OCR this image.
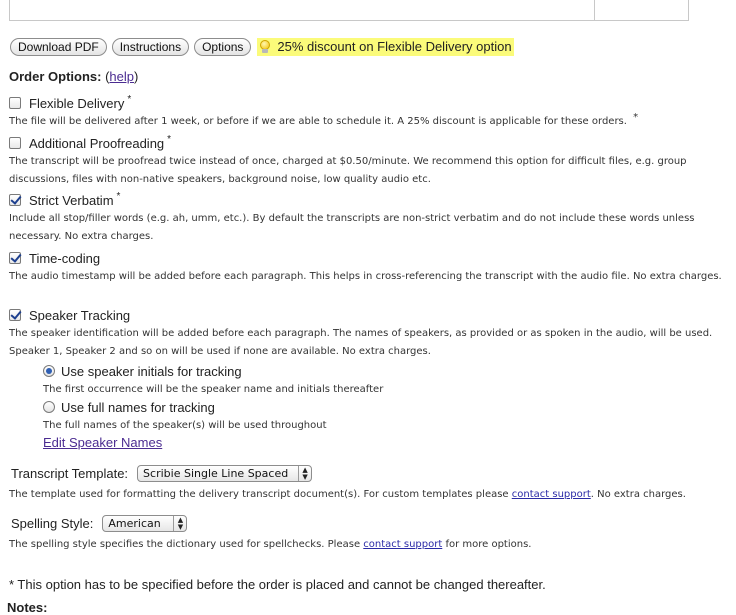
Download PDF	Instructions	Options	25% discount on Flexible Delivery option
Order Options: (help)
Flexible Delivery *
The file will be delivered after 1 week, or before if we are able to schedule it. A 25% discount is applicable for these orders. *
Additional Proofreading *
The transcript will be proofread twice instead of once, charged at $0.50/minute. We recommend this option for difficult files, e.g. group discussions, files with non-native speakers, background noise, low quality audio etc.
Strict Verbatim *
Include all stop/filler words (e.g. ah, umm, etc.). By default the transcripts are non-strict verbatim and do not include these words unless necessary. No extra charges.
Time-coding
The audio timestamp will be added before each paragraph. This helps in cross-referencing the transcript with the audio file. No extra charges.
Speaker Tracking
The speaker identification will be added before each paragraph. The names of speakers, as provided or as spoken in the audio, will be used. Speaker 1, Speaker 2 and so on will be used if none are available. No extra charges.
Use speaker initials for tracking
The first occurrence will be the speaker name and initials thereafter
Use full names for tracking
The full names of the speaker(s) will be used throughout
Edit Speaker Names
Transcript Template: Scribie Single Line Spaced	▲
▼
The template used for formatting the delivery transcript document(s). For custom templates please contact support. No extra charges.
Spelling Style: American	▲
▼
The spelling style specifies the dictionary used for spellchecks. Please contact support for more options.
* This option has to be specified before the order is placed and cannot be changed thereafter.
Notes:
